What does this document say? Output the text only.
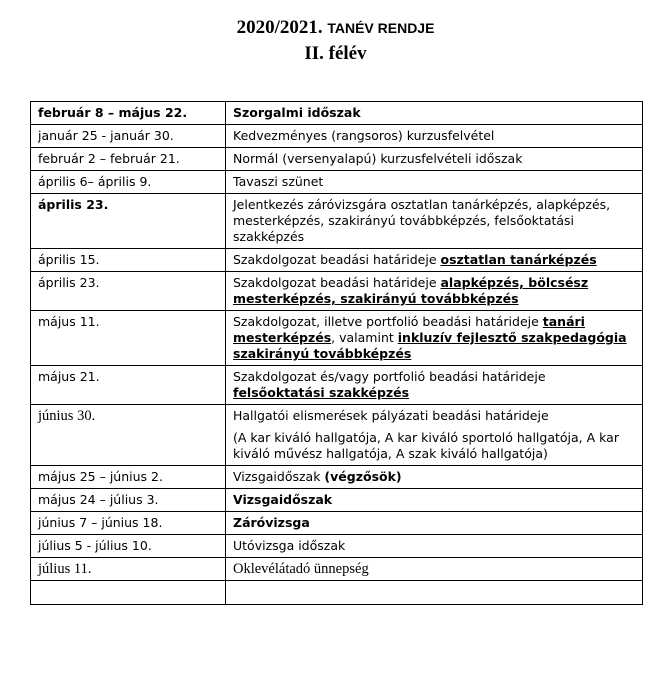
2020/2021. TANÉV RENDJE
II. félév
február 8 – május 22.	Szorgalmi időszak
január 25 - január 30.	Kedvezményes (rangsoros) kurzusfelvétel
február 2 – február 21.	Normál (versenyalapú) kurzusfelvételi időszak
április 6– április 9.	Tavaszi szünet
április 23.	Jelentkezés záróvizsgára osztatlan tanárképzés, alapképzés, mesterképzés, szakirányú továbbképzés, felsőoktatási szakképzés
április 15.	Szakdolgozat beadási határideje osztatlan tanárképzés
április 23.	Szakdolgozat beadási határideje alapképzés, bölcsész mesterképzés, szakirányú továbbképzés
május 11.	Szakdolgozat, illetve portfolió beadási határideje tanári mesterképzés, valamint inkluzív fejlesztő szakpedagógia szakirányú továbbképzés
május 21.	Szakdolgozat és/vagy portfolió beadási határideje felsőoktatási szakképzés
június 30.	Hallgatói elismerések pályázati beadási határideje
(A kar kiváló hallgatója, A kar kiváló sportoló hallgatója, A kar kiváló művész hallgatója, A szak kiváló hallgatója)

május 25 – június 2.	Vizsgaidőszak (végzősök)
május 24 – július 3.	Vizsgaidőszak
június 7 – június 18.	Záróvizsga
július 5 - július 10.	Utóvizsga időszak
július 11.	Oklevélátadó ünnepség
